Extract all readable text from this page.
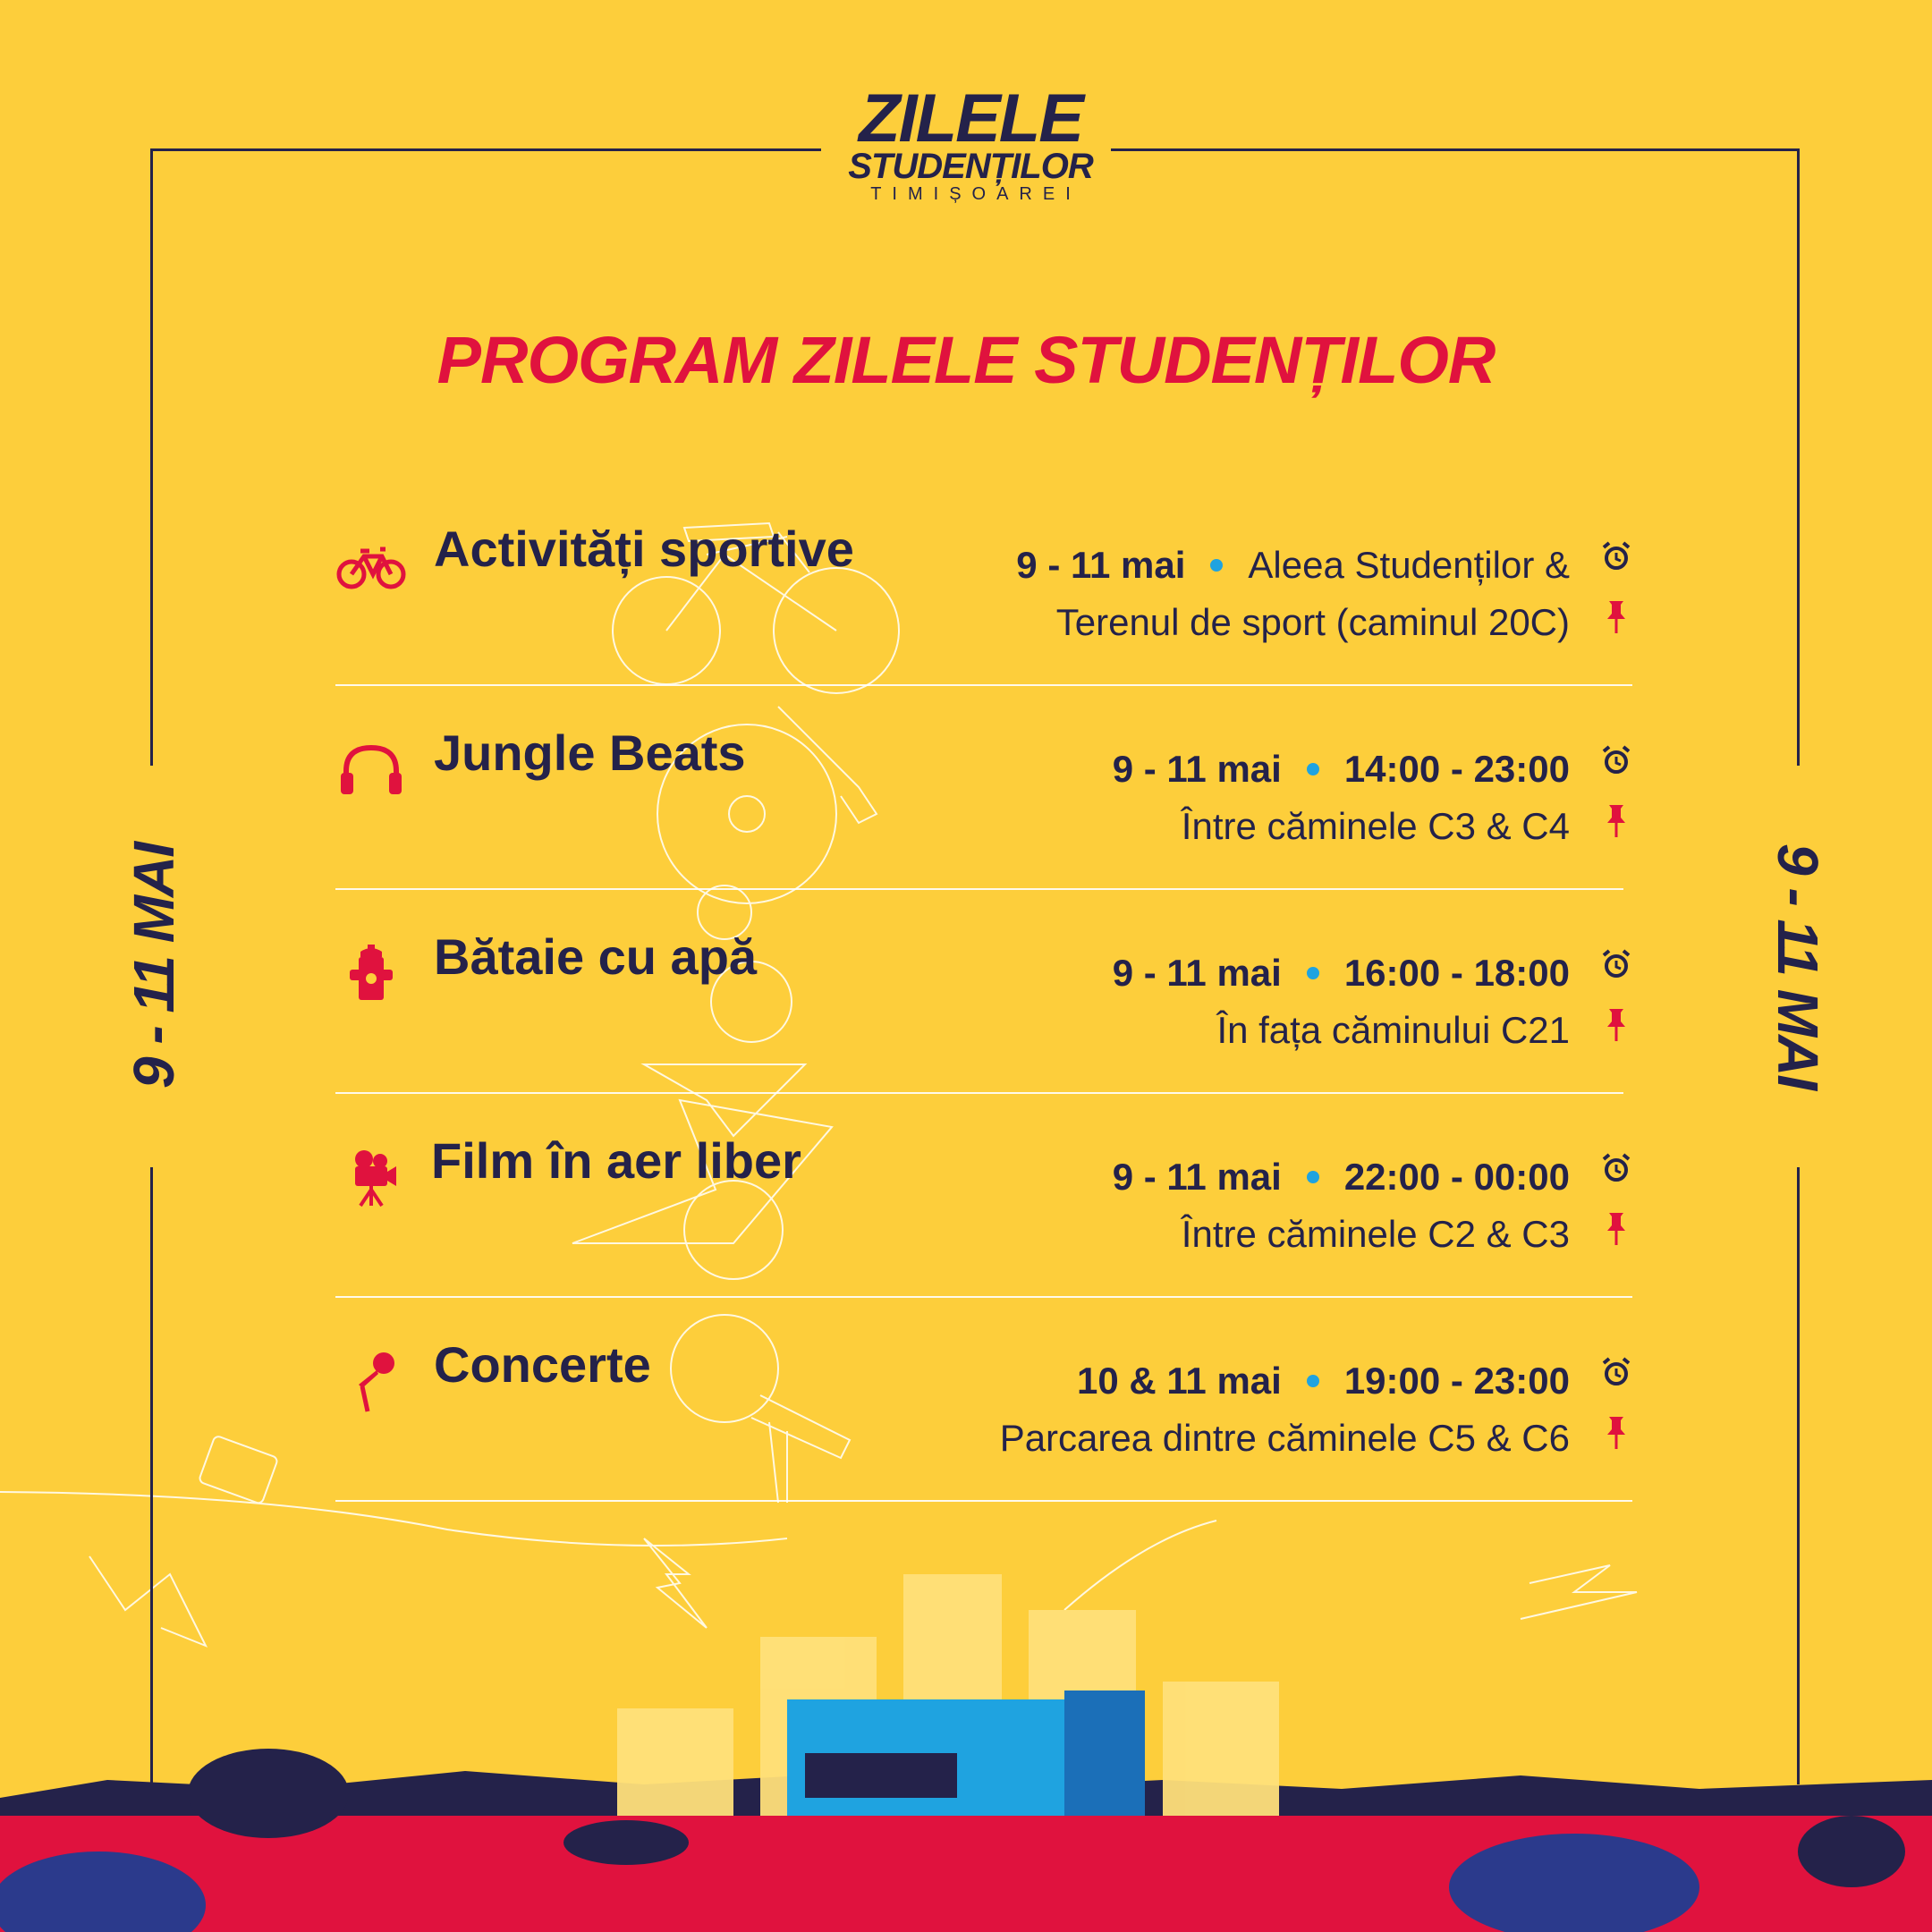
ZILELE
STUDENȚILOR
TIMIȘOAREI
PROGRAM ZILELE STUDENȚILOR
9 - 11 MAI	9 - 11 MAI
Activități sportive	9 - 11 mai Aleea Studenților &
Terenul de sport (caminul 20C)
Jungle Beats	9 - 11 mai 14:00 - 23:00
Între căminele C3 & C4
Bătaie cu apă	9 - 11 mai 16:00 - 18:00
În fața căminului C21
Film în aer liber	9 - 11 mai 22:00 - 00:00
Între căminele C2 & C3
Concerte	10 & 11 mai 19:00 - 23:00
Parcarea dintre căminele C5 & C6
